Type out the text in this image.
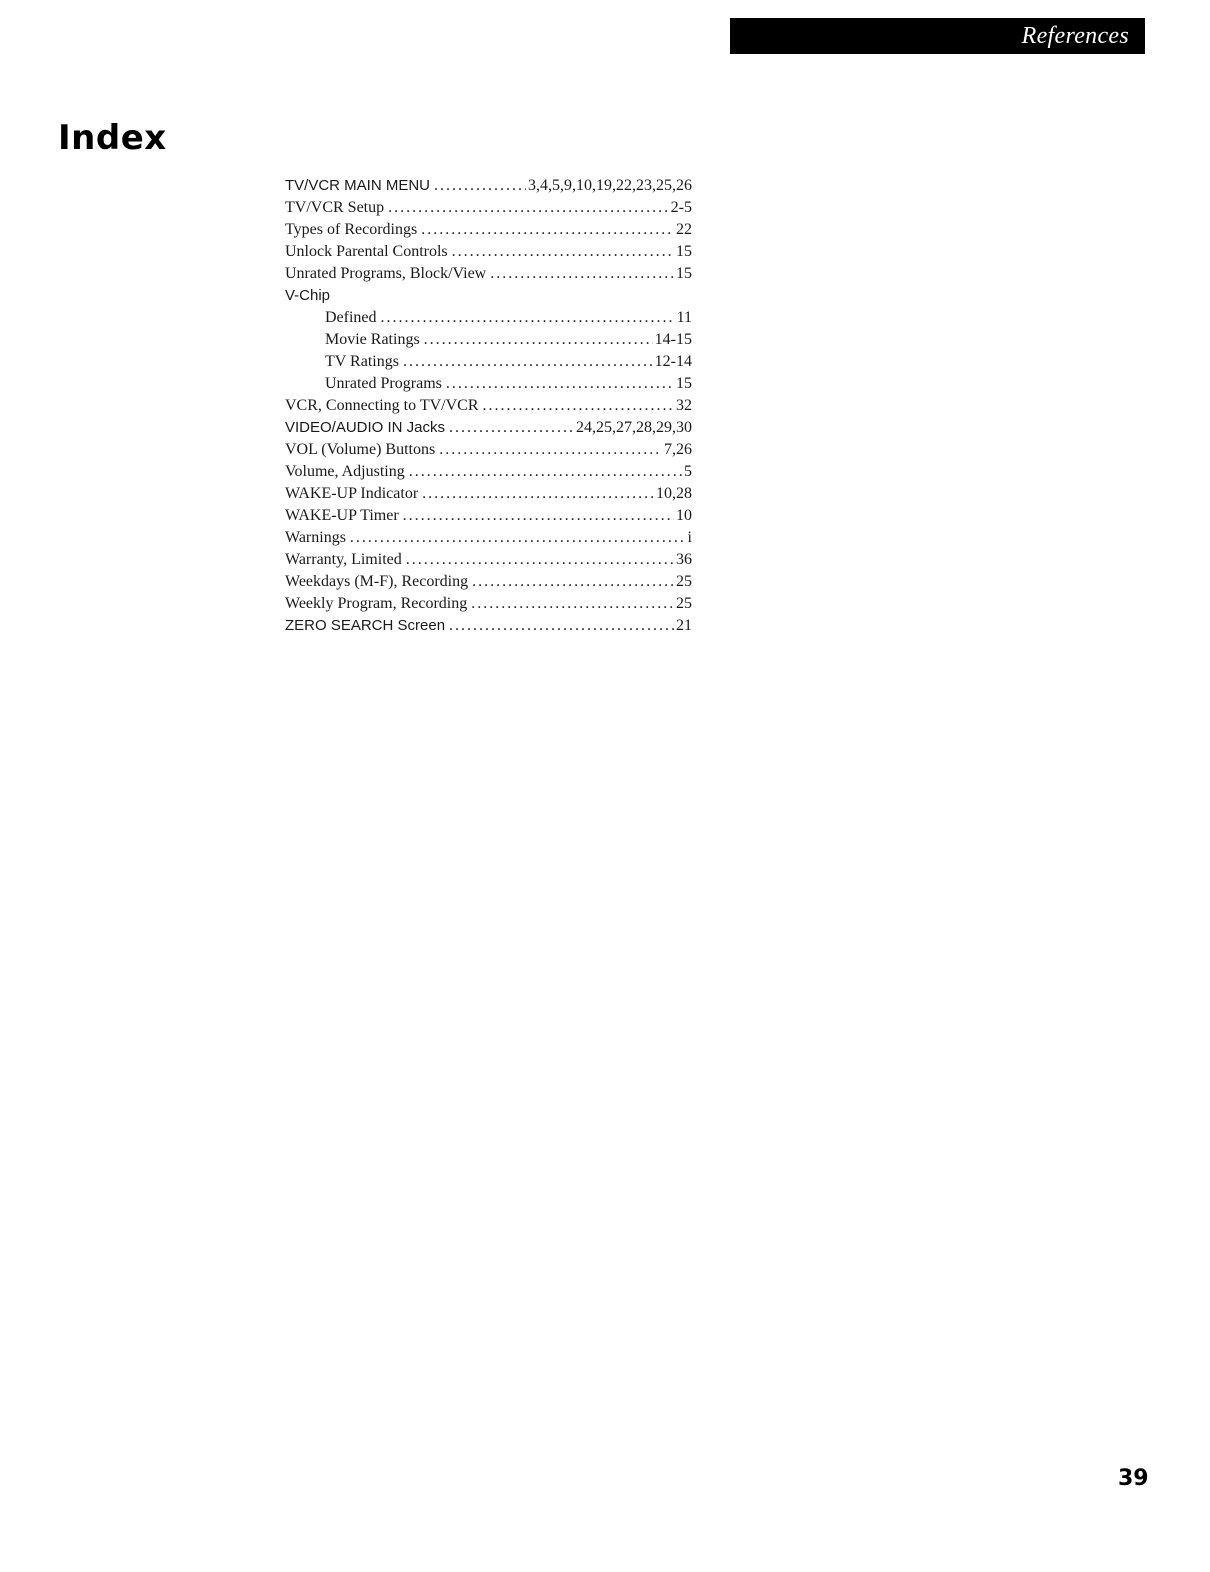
References
Index
TV/VCR MAIN MENU . . .	3,4,5,9,10,19,22,23,25,26
TV/VCR Setup . . .	2-5
Types of Recordings . . .	22
Unlock Parental Controls . . .	15
Unrated Programs, Block/View . . .	15
V-Chip
Defined . . .	11
Movie Ratings . . .	14-15
TV Ratings . . .	12-14
Unrated Programs . . .	15
VCR, Connecting to TV/VCR . . .	32
VIDEO/AUDIO IN Jacks . . .	24,25,27,28,29,30
VOL (Volume) Buttons . . .	7,26
Volume, Adjusting . . .	5
WAKE-UP Indicator . . .	10,28
WAKE-UP Timer . . .	10
Warnings . . .	i
Warranty, Limited . . .	36
Weekdays (M-F), Recording . . .	25
Weekly Program, Recording . . .	25
ZERO SEARCH Screen . . .	21
39
